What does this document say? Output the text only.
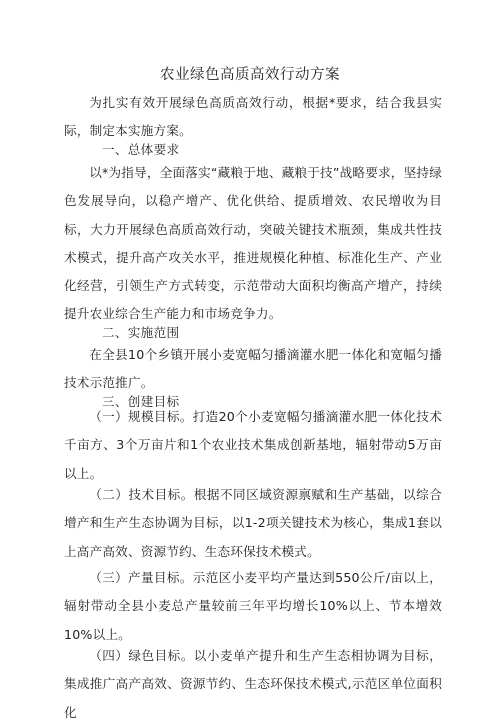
农业绿色高质高效行动方案

为扎实有效开展绿色高质高效行动，根据*要求，结合我县实际，制定本实施方案。

一、总体要求

以*为指导，全面落实“藏粮于地、藏粮于技”战略要求，坚持绿色发展导向，以稳产增产、优化供给、提质增效、农民增收为目标，大力开展绿色高质高效行动，突破关键技术瓶颈，集成共性技术模式，提升高产攻关水平，推进规模化种植、标准化生产、产业化经营，引领生产方式转变，示范带动大面积均衡高产增产，持续提升农业综合生产能力和市场竞争力。

二、实施范围

在全县10个乡镇开展小麦宽幅匀播滴灌水肥一体化和宽幅匀播技术示范推广。

三、创建目标

（一）规模目标。打造20个小麦宽幅匀播滴灌水肥一体化技术千亩方、3个万亩片和1个农业技术集成创新基地，辐射带动5万亩以上。

（二）技术目标。根据不同区域资源禀赋和生产基础，以综合增产和生产生态协调为目标，以1-2项关键技术为核心，集成1套以上高产高效、资源节约、生态环保技术模式。

（三）产量目标。示范区小麦平均产量达到550公斤/亩以上，辐射带动全县小麦总产量较前三年平均增长10%以上、节本增效10%以上。

（四）绿色目标。以小麦单产提升和生产生态相协调为目标，集成推广高产高效、资源节约、生态环保技术模式,示范区单位面积化
